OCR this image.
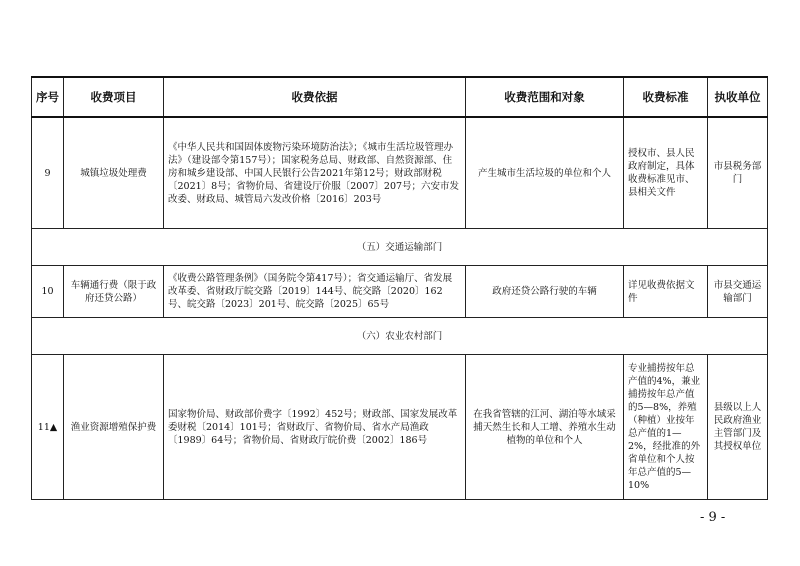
序号	收费项目	收费依据	收费范围和对象	收费标准	执收单位
9	城镇垃圾处理费	《中华人民共和国固体废物污染环境防治法》；《城市生活垃圾管理办法》（建设部令第157号）；国家税务总局、财政部、自然资源部、住房和城乡建设部、中国人民银行公告2021年第12号；财政部财税〔2021〕8号；省物价局、省建设厅价服〔2007〕207号；六安市发改委、财政局、城管局六发改价格〔2016〕203号	产生城市生活垃圾的单位和个人	授权市、县人民政府制定，具体收费标准见市、县相关文件	市县税务部门
（五）交通运输部门					
10	车辆通行费（限于政府还贷公路）	《收费公路管理条例》（国务院令第417号）；省交通运输厅、省发展改革委、省财政厅皖交路〔2019〕144号、皖交路〔2020〕162号、皖交路〔2023〕201号、皖交路〔2025〕65号	政府还贷公路行驶的车辆	详见收费依据文件	市县交通运输部门
（六）农业农村部门					
11▲	渔业资源增殖保护费	国家物价局、财政部价费字〔1992〕452号；财政部、国家发展改革委财税〔2014〕101号；省财政厅、省物价局、省水产局渔政〔1989〕64号；省物价局、省财政厅皖价费〔2002〕186号	在我省管辖的江河、湖泊等水域采捕天然生长和人工增、养殖水生动植物的单位和个人	专业捕捞按年总产值的4%，兼业捕捞按年总产值的5—8%，养殖（种植）业按年总产值的1—2%，经批准的外省单位和个人按年总产值的5—10%	县级以上人民政府渔业主管部门及其授权单位
- 9 -
